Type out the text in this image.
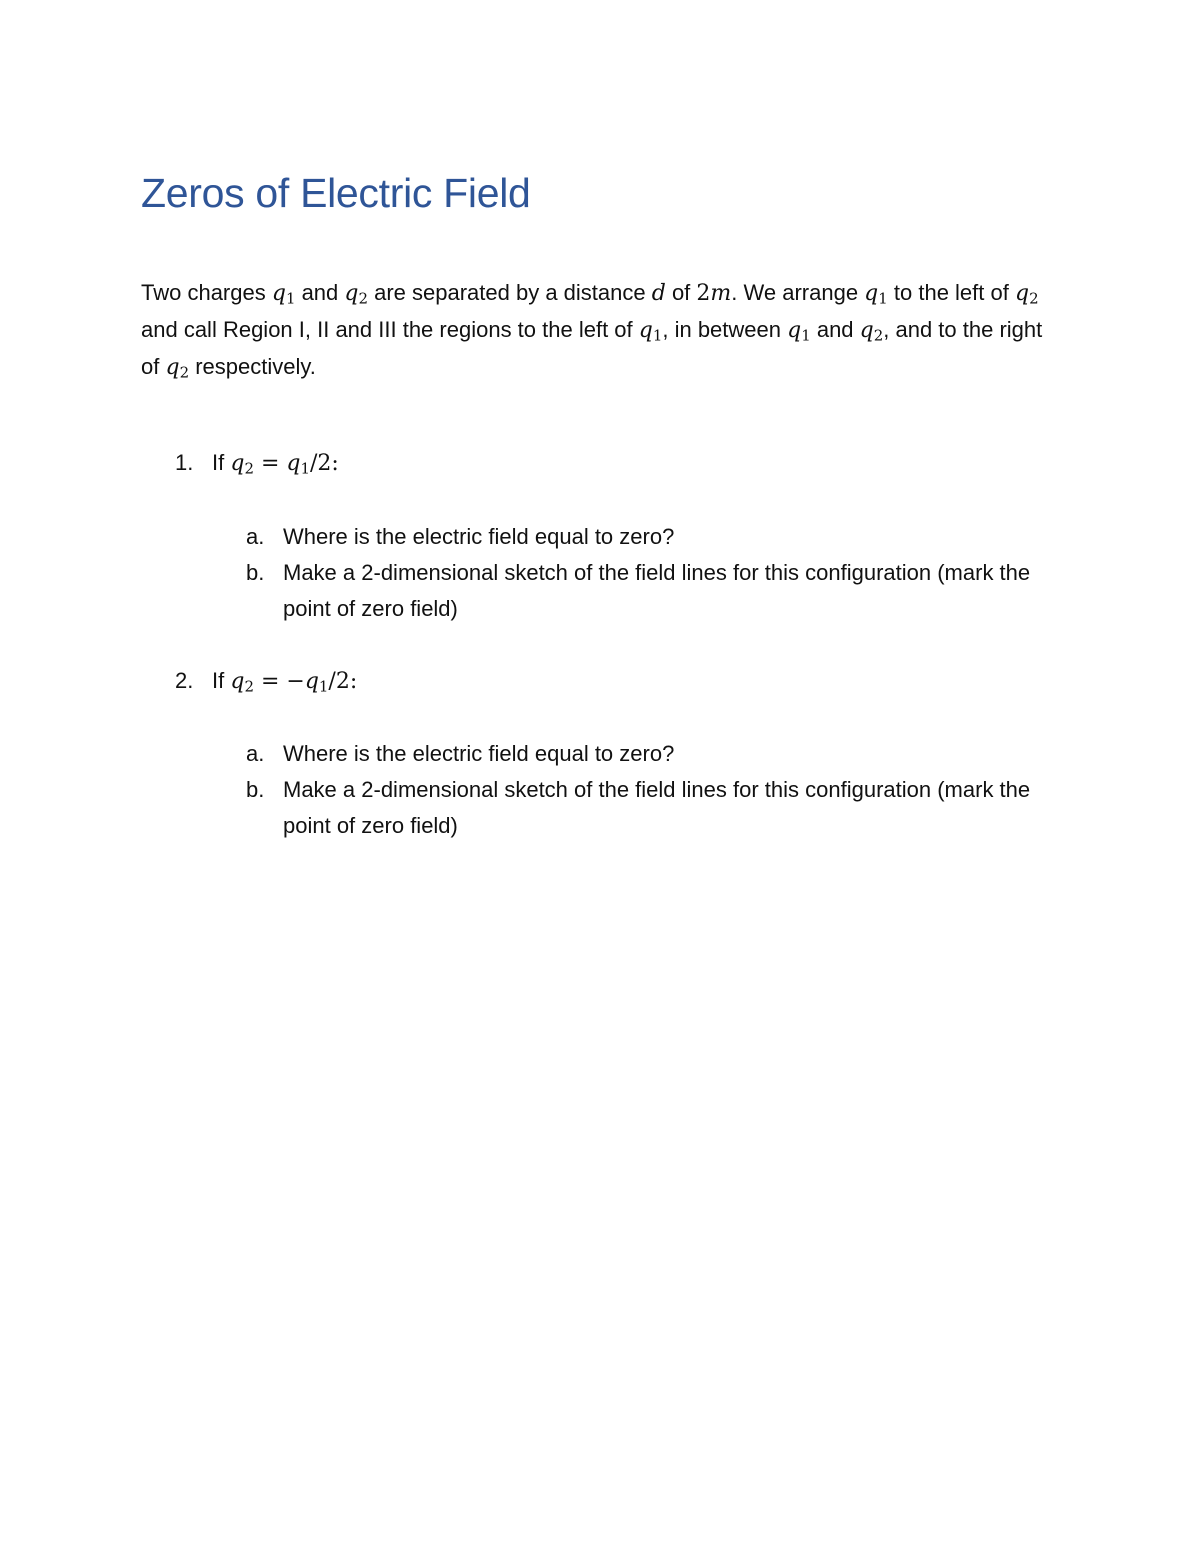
Zeros of Electric Field

Two charges $q_1$ and $q_2$ are separated by a distance d of 2m. We arrange $q_1$ to the left of $q_2$ and call Region I, II and III the regions to the left of $q_1$, in between $q_1$ and $q_2$, and to the right of $q_2$ respectively.

1. If $q_2 = q_1/2$:
a. Where is the electric field equal to zero?
b. Make a 2-dimensional sketch of the field lines for this configuration (mark the point of zero field)
2. If $q_2 = -q_1/2$:
a. Where is the electric field equal to zero?
b. Make a 2-dimensional sketch of the field lines for this configuration (mark the point of zero field)
